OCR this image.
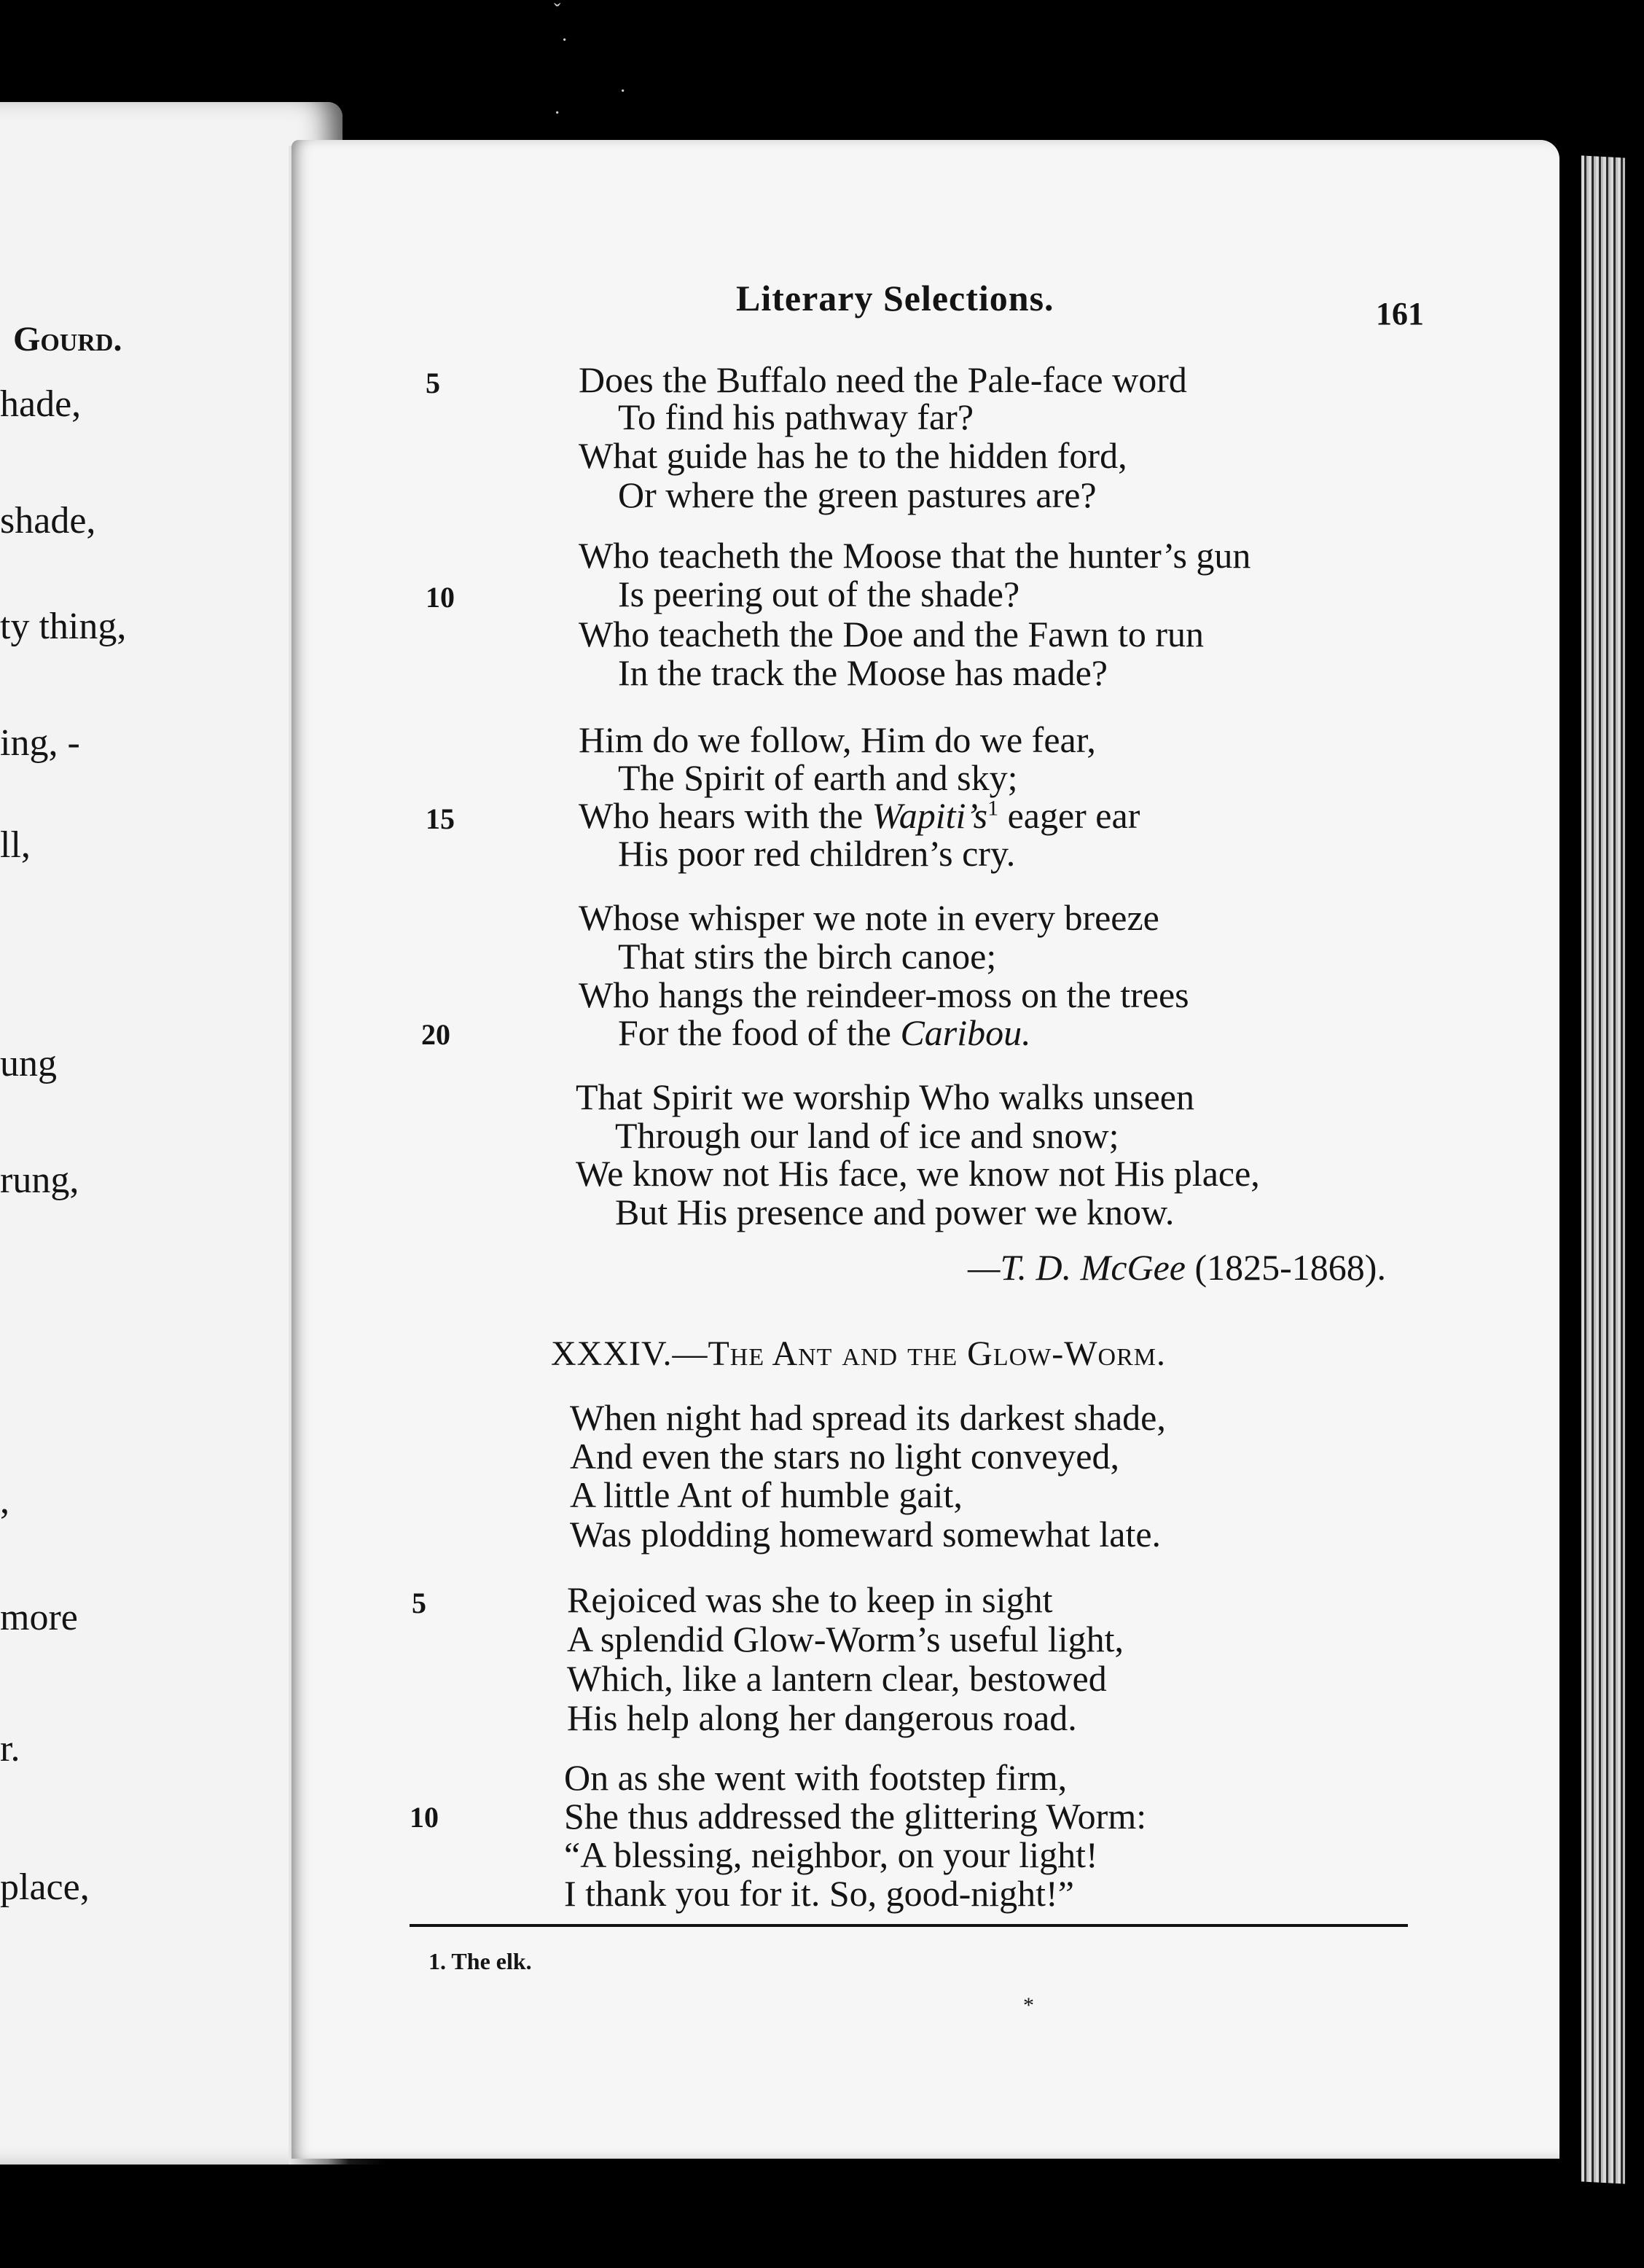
Gourd.
hade,
shade,
ty thing,
ing, -
ll,
ung
rung,
,
more
r.
place,
ˇ
·
·
·
Literary Selections.	161
Does the Buffalo need the Pale-face word
To find his pathway far?
What guide has he to the hidden ford,
Or where the green pastures are?
Who teacheth the Moose that the hunter’s gun
Is peering out of the shade?
Who teacheth the Doe and the Fawn to run
In the track the Moose has made?
Him do we follow, Him do we fear,
The Spirit of earth and sky;
Who hears with the $Wapiti’s^1$ eager ear
His poor red children’s cry.
Whose whisper we note in every breeze
That stirs the birch canoe;
Who hangs the reindeer-moss on the trees
For the food of the Caribou.
That Spirit we worship Who walks unseen
Through our land of ice and snow;
We know not His face, we know not His place,
But His presence and power we know.
5
10
15
20
—T. D. McGee (1825-1868).
XXXIV.—The Ant and the Glow-Worm.
When night had spread its darkest shade,
And even the stars no light conveyed,
A little Ant of humble gait,
Was plodding homeward somewhat late.
Rejoiced was she to keep in sight
A splendid Glow-Worm’s useful light,
Which, like a lantern clear, bestowed
His help along her dangerous road.
On as she went with footstep firm,
She thus addressed the glittering Worm:
“A blessing, neighbor, on your light!
I thank you for it. So, good-night!”
5
10
1. The elk.
*
